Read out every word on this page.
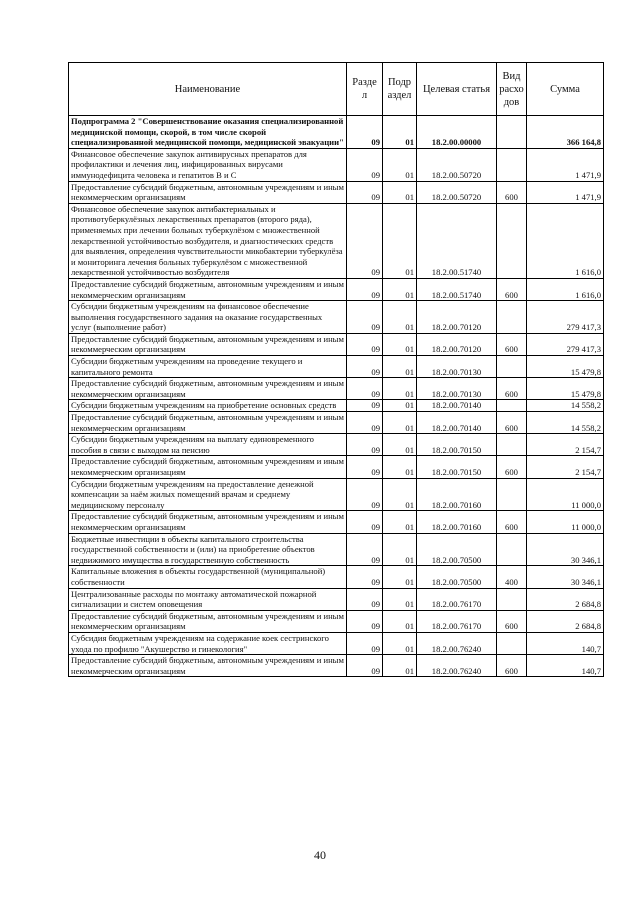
Наименование	Разде л	Подр аздел	Целевая статья	Вид расхо дов	Сумма
Подпрограмма 2 "Совершенствование оказания специализированной медицинской помощи, скорой, в том числе скорой специализированной медицинской помощи, медицинской эвакуации"	09	01	18.2.00.00000		366 164,8
Финансовое обеспечение закупок антивирусных препаратов для профилактики и лечения лиц, инфицированных вирусами иммунодефицита человека и гепатитов В и С	09	01	18.2.00.50720		1 471,9
Предоставление субсидий бюджетным, автономным учреждениям и иным некоммерческим организациям	09	01	18.2.00.50720	600	1 471,9
Финансовое обеспечение закупок антибактериальных и противотуберкулёзных лекарственных препаратов (второго ряда), применяемых при лечении больных туберкулёзом с множественной лекарственной устойчивостью возбудителя, и диагностических средств для выявления, определения чувствительности микобактерии туберкулёза и мониторинга лечения больных туберкулёзом с множественной лекарственной устойчивостью возбудителя	09	01	18.2.00.51740		1 616,0
Предоставление субсидий бюджетным, автономным учреждениям и иным некоммерческим организациям	09	01	18.2.00.51740	600	1 616,0
Субсидии бюджетным учреждениям на финансовое обеспечение выполнения государственного задания на оказание государственных услуг (выполнение работ)	09	01	18.2.00.70120		279 417,3
Предоставление субсидий бюджетным, автономным учреждениям и иным некоммерческим организациям	09	01	18.2.00.70120	600	279 417,3
Субсидии бюджетным учреждениям на проведение текущего и капитального ремонта	09	01	18.2.00.70130		15 479,8
Предоставление субсидий бюджетным, автономным учреждениям и иным некоммерческим организациям	09	01	18.2.00.70130	600	15 479,8
Субсидии бюджетным учреждениям на приобретение основных средств	09	01	18.2.00.70140		14 558,2
Предоставление субсидий бюджетным, автономным учреждениям и иным некоммерческим организациям	09	01	18.2.00.70140	600	14 558,2
Субсидии бюджетным учреждениям на выплату единовременного пособия в связи с выходом на пенсию	09	01	18.2.00.70150		2 154,7
Предоставление субсидий бюджетным, автономным учреждениям и иным некоммерческим организациям	09	01	18.2.00.70150	600	2 154,7
Субсидии бюджетным учреждениям на предоставление денежной компенсации за наём жилых помещений врачам и среднему медицинскому персоналу	09	01	18.2.00.70160		11 000,0
Предоставление субсидий бюджетным, автономным учреждениям и иным некоммерческим организациям	09	01	18.2.00.70160	600	11 000,0
Бюджетные инвестиции в объекты капитального строительства государственной собственности и (или) на приобретение объектов недвижимого имущества в государственную собственность	09	01	18.2.00.70500		30 346,1
Капитальные вложения в объекты государственной (муниципальной) собственности	09	01	18.2.00.70500	400	30 346,1
Централизованные расходы по монтажу автоматической пожарной сигнализации и систем оповещения	09	01	18.2.00.76170		2 684,8
Предоставление субсидий бюджетным, автономным учреждениям и иным некоммерческим организациям	09	01	18.2.00.76170	600	2 684,8
Субсидия бюджетным учреждениям на содержание коек сестринского ухода по профилю "Акушерство и гинекология"	09	01	18.2.00.76240		140,7
Предоставление субсидий бюджетным, автономным учреждениям и иным некоммерческим организациям	09	01	18.2.00.76240	600	140,7
40
